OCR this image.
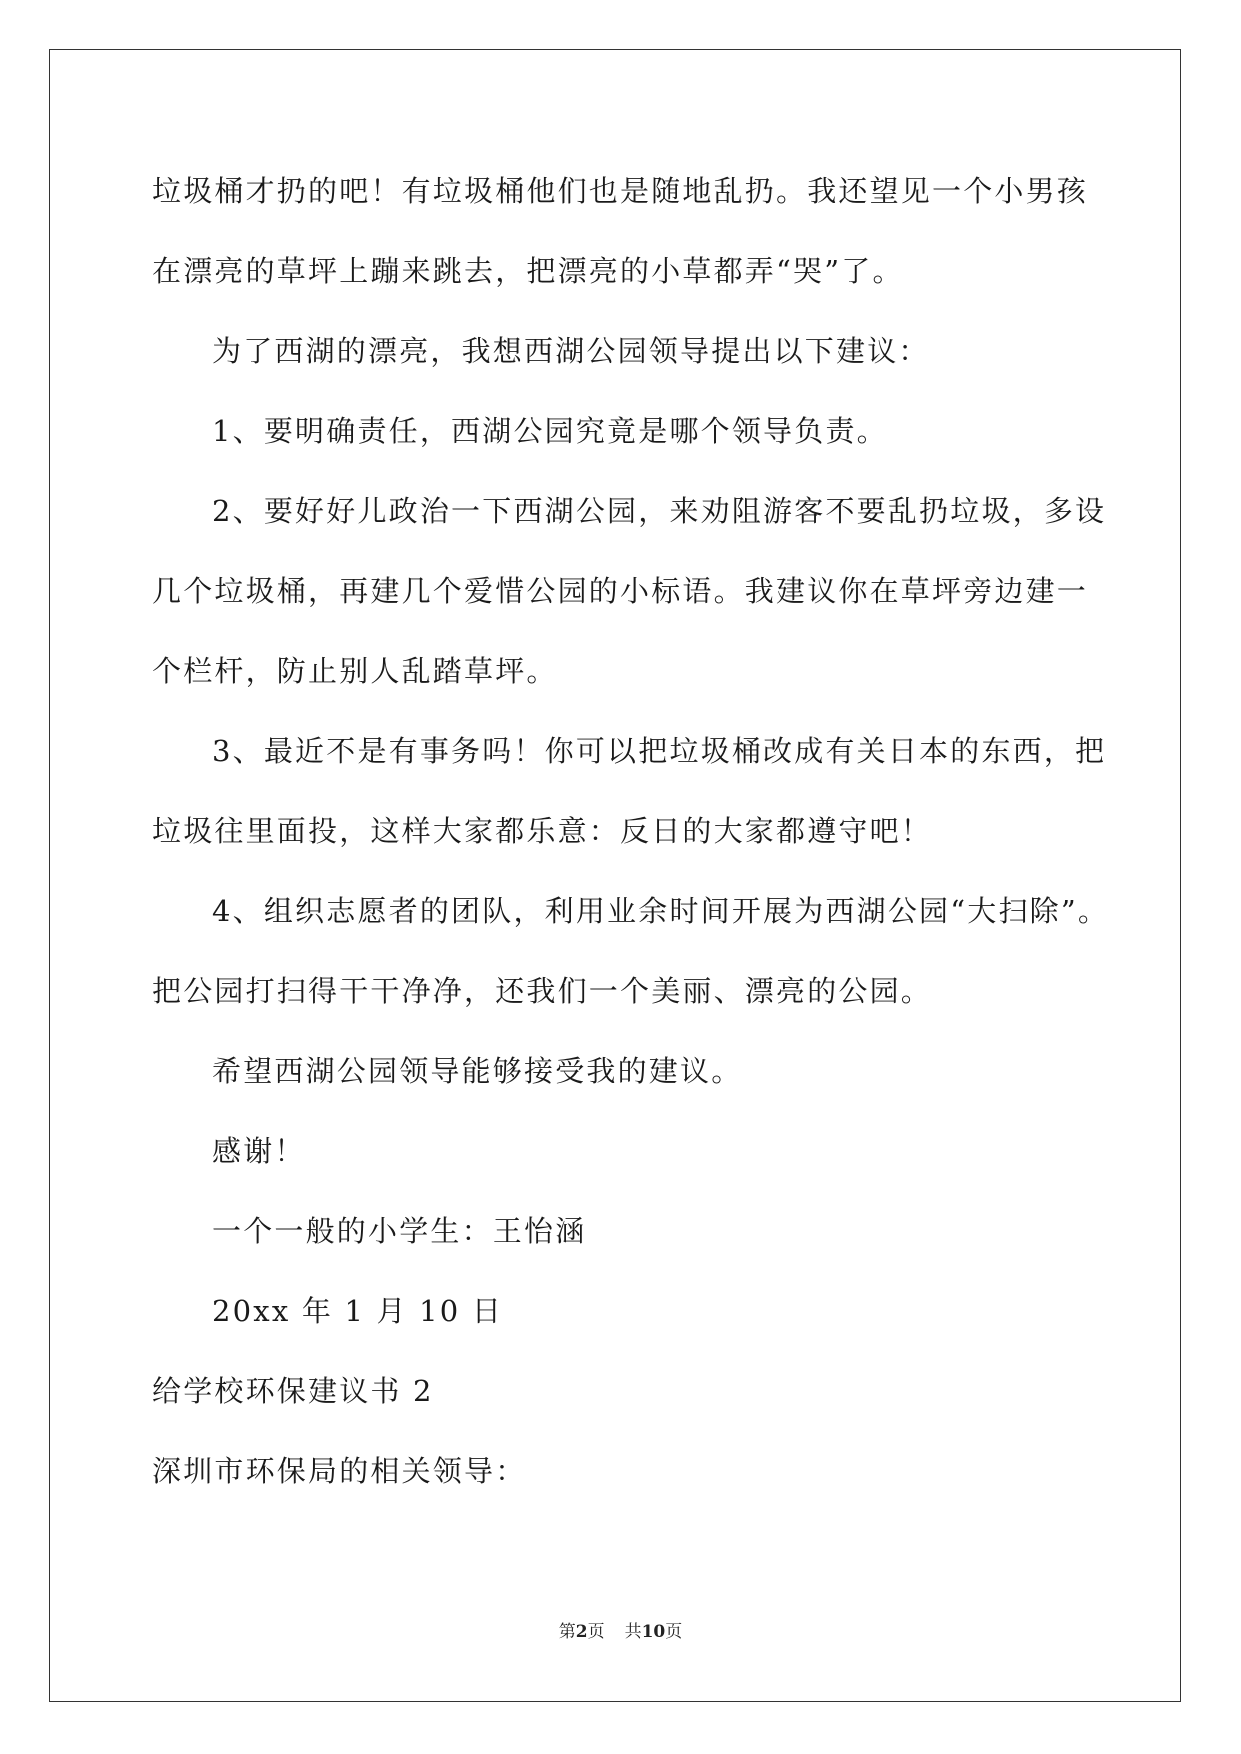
垃圾桶才扔的吧！有垃圾桶他们也是随地乱扔。我还望见一个小男孩
在漂亮的草坪上蹦来跳去，把漂亮的小草都弄“哭”了。
为了西湖的漂亮，我想西湖公园领导提出以下建议：
1、要明确责任，西湖公园究竟是哪个领导负责。
2、要好好儿政治一下西湖公园，来劝阻游客不要乱扔垃圾，多设
几个垃圾桶，再建几个爱惜公园的小标语。我建议你在草坪旁边建一
个栏杆，防止别人乱踏草坪。
3、最近不是有事务吗！你可以把垃圾桶改成有关日本的东西，把
垃圾往里面投，这样大家都乐意：反日的大家都遵守吧！
4、组织志愿者的团队，利用业余时间开展为西湖公园“大扫除”。
把公园打扫得干干净净，还我们一个美丽、漂亮的公园。
希望西湖公园领导能够接受我的建议。
感谢！
一个一般的小学生：王怡涵
20xx 年 1 月 10 日
给学校环保建议书 2
深圳市环保局的相关领导：
第2页 共10页
